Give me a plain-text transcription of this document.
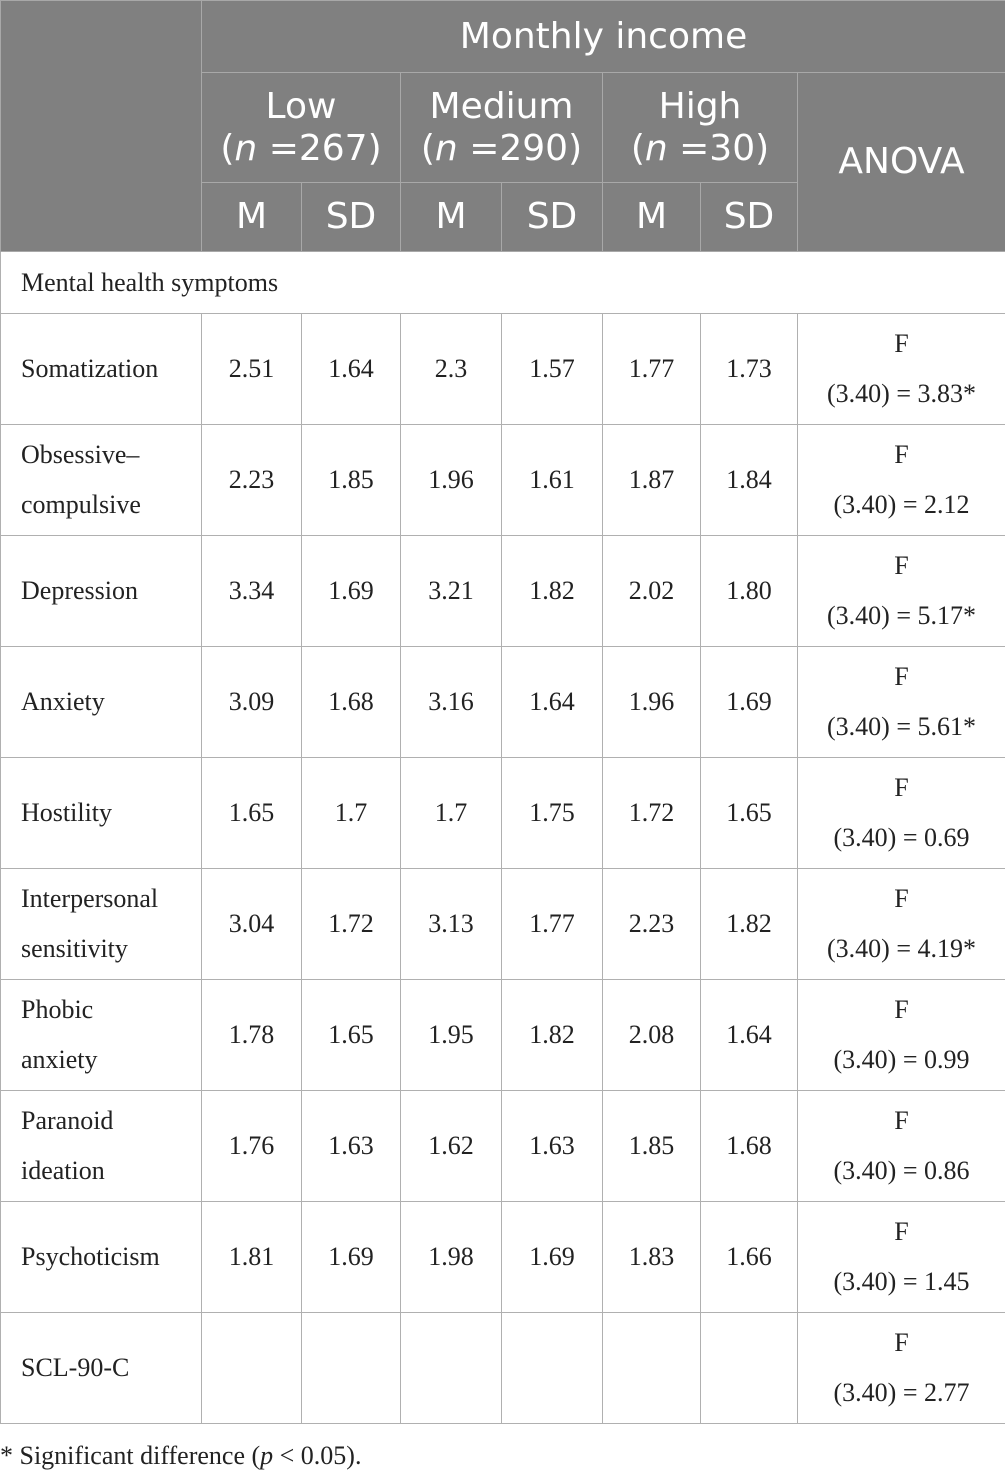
	Monthly income						
	Low
(n =267)		Medium
(n =290)		High
(n =30)		ANOVA
	M	SD	M	SD	M	SD	
Mental health symptoms							

Somatization	2.51	1.64	2.3	1.57	1.77	1.73	F
(3.40) = 3.83*

Obsessive–
compulsive	2.23	1.85	1.96	1.61	1.87	1.84	F
(3.40) = 2.12

Depression	3.34	1.69	3.21	1.82	2.02	1.80	F
(3.40) = 5.17*

Anxiety	3.09	1.68	3.16	1.64	1.96	1.69	F
(3.40) = 5.61*

Hostility	1.65	1.7	1.7	1.75	1.72	1.65	F
(3.40) = 0.69

Interpersonal
sensitivity	3.04	1.72	3.13	1.77	2.23	1.82	F
(3.40) = 4.19*

Phobic
anxiety	1.78	1.65	1.95	1.82	2.08	1.64	F
(3.40) = 0.99

Paranoid
ideation	1.76	1.63	1.62	1.63	1.85	1.68	F
(3.40) = 0.86

Psychoticism	1.81	1.69	1.98	1.69	1.83	1.66	F
(3.40) = 1.45

SCL-90-C							F
(3.40) = 2.77
* Significant difference (p < 0.05).
